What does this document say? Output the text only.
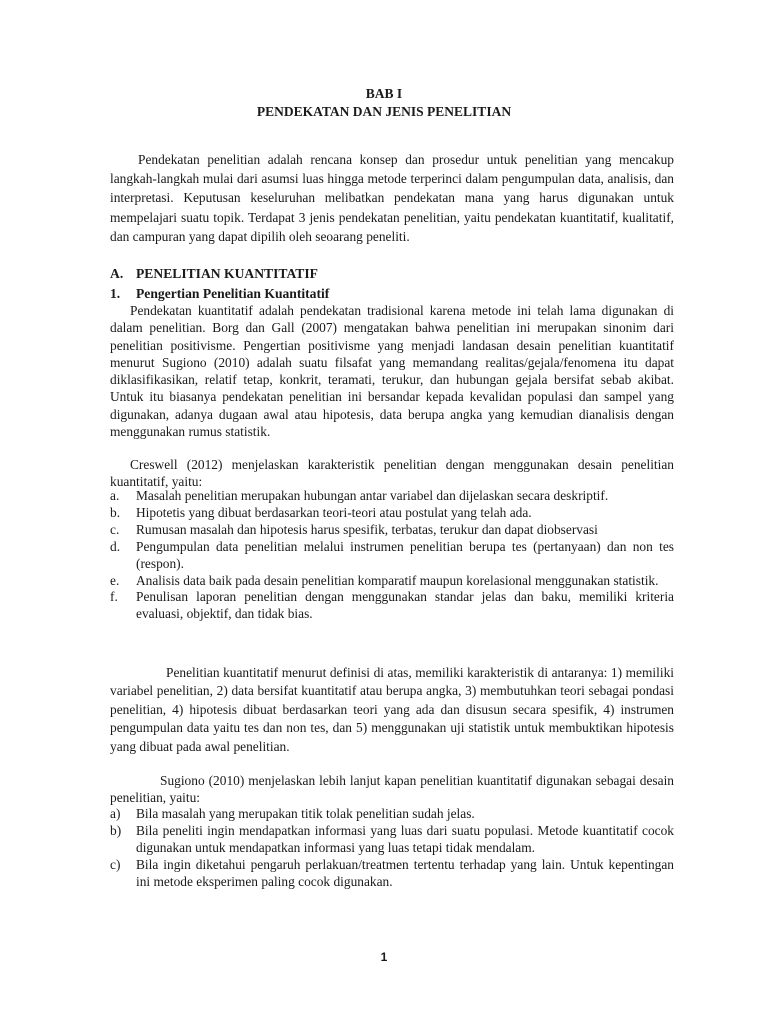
BAB I
PENDEKATAN DAN JENIS PENELITIAN

Pendekatan penelitian adalah rencana konsep dan prosedur untuk penelitian yang mencakup langkah-langkah mulai dari asumsi luas hingga metode terperinci dalam pengumpulan data, analisis, dan interpretasi. Keputusan keseluruhan melibatkan pendekatan mana yang harus digunakan untuk mempelajari suatu topik. Terdapat 3 jenis pendekatan penelitian, yaitu pendekatan kuantitatif, kualitatif, dan campuran yang dapat dipilih oleh seoarang peneliti.

A. PENELITIAN KUANTITATIF
1. Pengertian Penelitian Kuantitatif

Pendekatan kuantitatif adalah pendekatan tradisional karena metode ini telah lama digunakan di dalam penelitian. Borg dan Gall (2007) mengatakan bahwa penelitian ini merupakan sinonim dari penelitian positivisme. Pengertian positivisme yang menjadi landasan desain penelitian kuantitatif menurut Sugiono (2010) adalah suatu filsafat yang memandang realitas/gejala/fenomena itu dapat diklasifikasikan, relatif tetap, konkrit, teramati, terukur, dan hubungan gejala bersifat sebab akibat. Untuk itu biasanya pendekatan penelitian ini bersandar kepada kevalidan populasi dan sampel yang digunakan, adanya dugaan awal atau hipotesis, data berupa angka yang kemudian dianalisis dengan menggunakan rumus statistik.

Creswell (2012) menjelaskan karakteristik penelitian dengan menggunakan desain penelitian kuantitatif, yaitu:

a.	Masalah penelitian merupakan hubungan antar variabel dan dijelaskan secara deskriptif.
b.	Hipotetis yang dibuat berdasarkan teori-teori atau postulat yang telah ada.
c.	Rumusan masalah dan hipotesis harus spesifik, terbatas, terukur dan dapat diobservasi
d.	Pengumpulan data penelitian melalui instrumen penelitian berupa tes (pertanyaan) dan non tes (respon).
e.	Analisis data baik pada desain penelitian komparatif maupun korelasional menggunakan statistik.
f.	Penulisan laporan penelitian dengan menggunakan standar jelas dan baku, memiliki kriteria evaluasi, objektif, dan tidak bias.

Penelitian kuantitatif menurut definisi di atas, memiliki karakteristik di antaranya: 1) memiliki variabel penelitian, 2) data bersifat kuantitatif atau berupa angka, 3) membutuhkan teori sebagai pondasi penelitian, 4) hipotesis dibuat berdasarkan teori yang ada dan disusun secara spesifik, 4) instrumen pengumpulan data yaitu tes dan non tes, dan 5) menggunakan uji statistik untuk membuktikan hipotesis yang dibuat pada awal penelitian.

Sugiono (2010) menjelaskan lebih lanjut kapan penelitian kuantitatif digunakan sebagai desain penelitian, yaitu:

a)	Bila masalah yang merupakan titik tolak penelitian sudah jelas.
b)	Bila peneliti ingin mendapatkan informasi yang luas dari suatu populasi. Metode kuantitatif cocok digunakan untuk mendapatkan informasi yang luas tetapi tidak mendalam.
c)	Bila ingin diketahui pengaruh perlakuan/treatmen tertentu terhadap yang lain. Untuk kepentingan ini metode eksperimen paling cocok digunakan.
1
